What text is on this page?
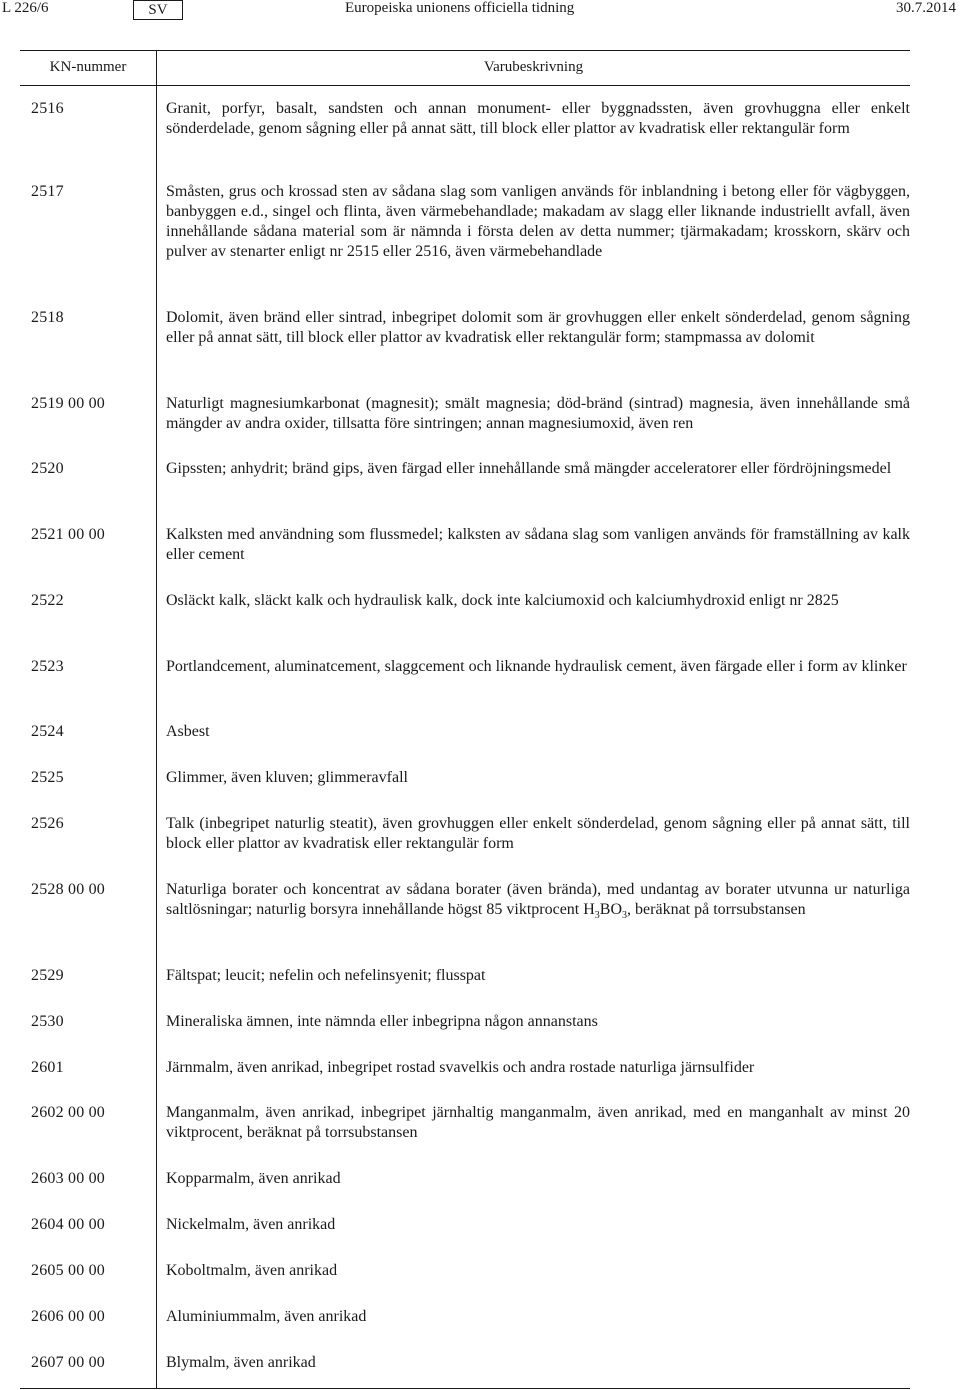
L 226/6	SV	Europeiska unionens officiella tidning	30.7.2014
KN-nummer	Varubeskrivning
2516	Granit, porfyr, basalt, sandsten och annan monument- eller byggnadssten, även grovhuggna eller enkelt sönderdelade, genom sågning eller på annat sätt, till block eller plattor av kvadratisk eller rektangulär form
2517	Småsten, grus och krossad sten av sådana slag som vanligen används för inblandning i betong eller för vägbyggen, banbyggen e.d., singel och flinta, även värmebehandlade; makadam av slagg eller liknande industriellt avfall, även innehållande sådana material som är nämnda i första delen av detta nummer; tjärmakadam; krosskorn, skärv och pulver av stenarter enligt nr 2515 eller 2516, även värmebehandlade
2518	Dolomit, även bränd eller sintrad, inbegripet dolomit som är grovhuggen eller enkelt sönderdelad, genom sågning eller på annat sätt, till block eller plattor av kvadratisk eller rektangulär form; stampmassa av dolomit
2519 00 00	Naturligt magnesiumkarbonat (magnesit); smält magnesia; död-bränd (sintrad) magnesia, även innehållande små mängder av andra oxider, tillsatta före sintringen; annan magnesiumoxid, även ren
2520	Gipssten; anhydrit; bränd gips, även färgad eller innehållande små mängder acceleratorer eller fördröjningsmedel
2521 00 00	Kalksten med användning som flussmedel; kalksten av sådana slag som vanligen används för framställning av kalk eller cement
2522	Osläckt kalk, släckt kalk och hydraulisk kalk, dock inte kalciumoxid och kalciumhydroxid enligt nr 2825
2523	Portlandcement, aluminatcement, slaggcement och liknande hydraulisk cement, även färgade eller i form av klinker
2524	Asbest
2525	Glimmer, även kluven; glimmeravfall
2526	Talk (inbegripet naturlig steatit), även grovhuggen eller enkelt sönderdelad, genom sågning eller på annat sätt, till block eller plattor av kvadratisk eller rektangulär form
2528 00 00	Naturliga borater och koncentrat av sådana borater (även brända), med undantag av borater utvunna ur naturliga saltlösningar; naturlig borsyra innehållande högst 85 viktprocent $H_3BO_3$, beräknat på torrsubstansen
2529	Fältspat; leucit; nefelin och nefelinsyenit; flusspat
2530	Mineraliska ämnen, inte nämnda eller inbegripna någon annanstans
2601	Järnmalm, även anrikad, inbegripet rostad svavelkis och andra rostade naturliga järnsulfider
2602 00 00	Manganmalm, även anrikad, inbegripet järnhaltig manganmalm, även anrikad, med en manganhalt av minst 20 viktprocent, beräknat på torrsubstansen
2603 00 00	Kopparmalm, även anrikad
2604 00 00	Nickelmalm, även anrikad
2605 00 00	Koboltmalm, även anrikad
2606 00 00	Aluminiummalm, även anrikad
2607 00 00	Blymalm, även anrikad
